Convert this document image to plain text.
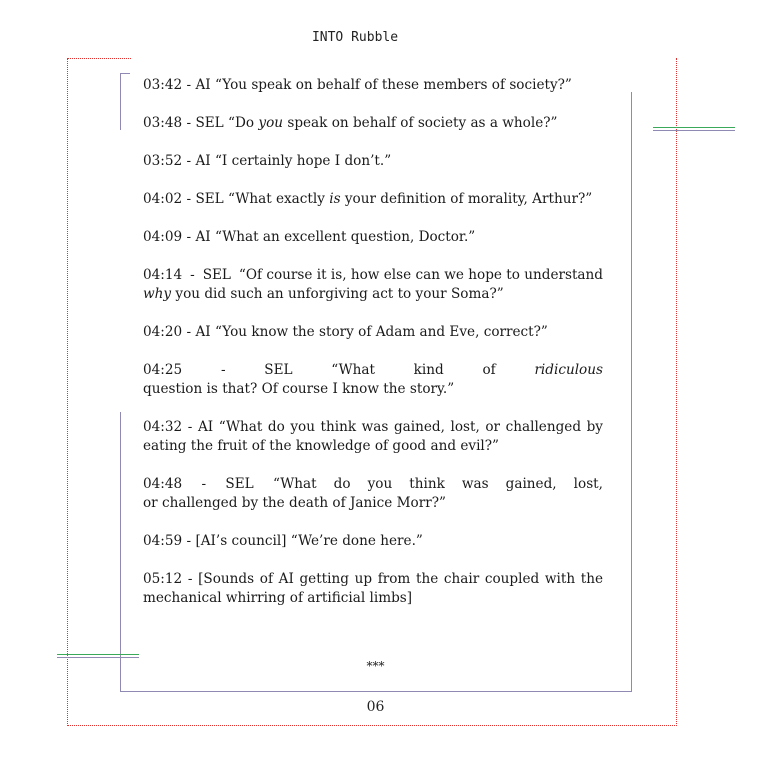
INTO Rubble

03:42 - AI “You speak on behalf of these members of society?”

03:48 - SEL “Do you speak on behalf of society as a whole?”

03:52 - AI “I certainly hope I don’t.”

04:02 - SEL “What exactly is your definition of morality, Arthur?”

04:09 - AI “What an excellent question, Doctor.”

04:14 - SEL “Of course it is, how else can we hope to understand
why you did such an unforgiving act to your Soma?”

04:20 - AI “You know the story of Adam and Eve, correct?”

04:25	-	SEL	“What	kind	of	ridiculous
question is that? Of course I know the story.”

04:32 - AI “What do you think was gained, lost, or challenged by eating the fruit of the knowledge of good and evil?”

04:48 - SEL “What do you think was gained, lost,
or challenged by the death of Janice Morr?”

04:59 - [AI’s council] “We’re done here.”

05:12 - [Sounds of AI getting up from the chair coupled with the mechanical whirring of artificial limbs]

***
06
